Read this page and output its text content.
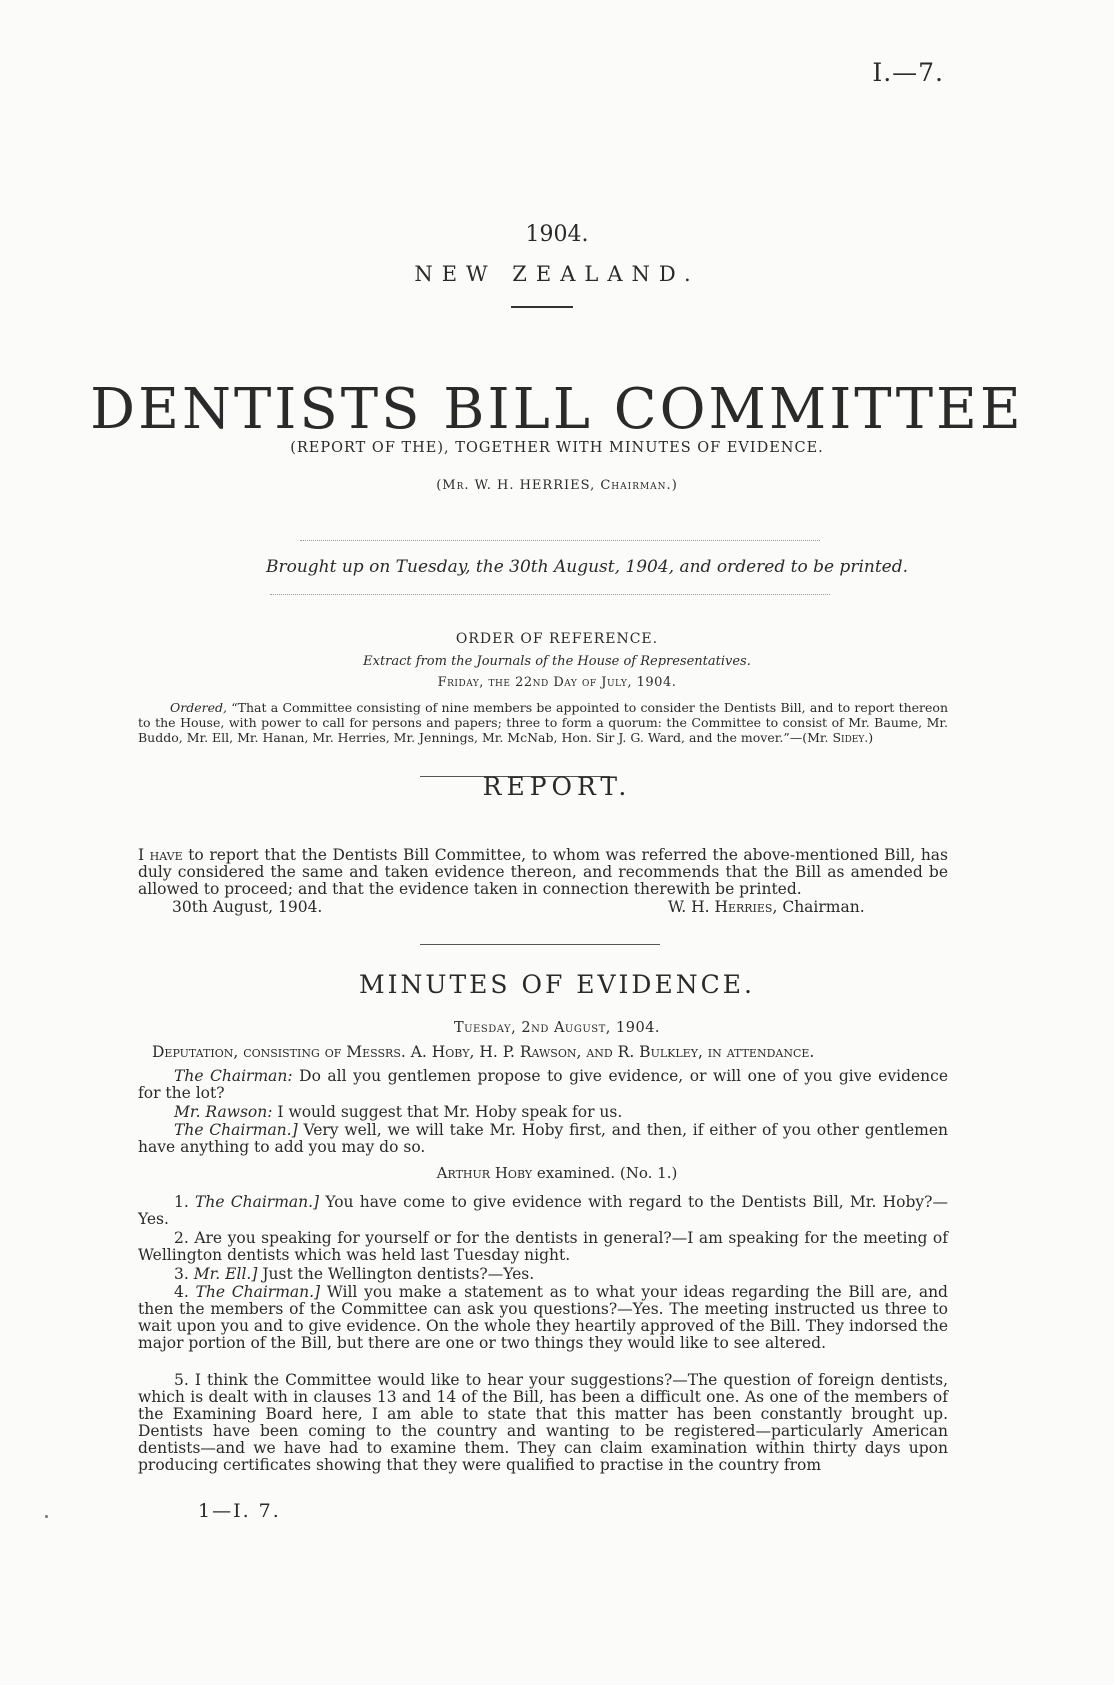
I.—7.
1904.
NEW ZEALAND.
DENTISTS BILL COMMITTEE
(REPORT OF THE), TOGETHER WITH MINUTES OF EVIDENCE.
(Mr. W. H. HERRIES, Chairman.)
Brought up on Tuesday, the 30th August, 1904, and ordered to be printed.
ORDER OF REFERENCE.
Extract from the Journals of the House of Representatives.
Friday, the 22nd Day of July, 1904.
Ordered, “That a Committee consisting of nine members be appointed to consider the Dentists Bill, and to report thereon to the House, with power to call for persons and papers; three to form a quorum: the Committee to consist of Mr. Baume, Mr. Buddo, Mr. Ell, Mr. Hanan, Mr. Herries, Mr. Jennings, Mr. McNab, Hon. Sir J. G. Ward, and the mover.”—(Mr. Sidey.)
REPORT.
I have to report that the Dentists Bill Committee, to whom was referred the above-mentioned Bill, has duly considered the same and taken evidence thereon, and recommends that the Bill as amended be allowed to proceed; and that the evidence taken in connection therewith be printed.
30th August, 1904.	W. H. Herries, Chairman.
MINUTES OF EVIDENCE.
Tuesday, 2nd August, 1904.
Deputation, consisting of Messrs. A. Hoby, H. P. Rawson, and R. Bulkley, in attendance.
The Chairman: Do all you gentlemen propose to give evidence, or will one of you give evidence for the lot?
Mr. Rawson: I would suggest that Mr. Hoby speak for us.
The Chairman.] Very well, we will take Mr. Hoby first, and then, if either of you other gentlemen have anything to add you may do so.
Arthur Hoby examined. (No. 1.)
1. The Chairman.] You have come to give evidence with regard to the Dentists Bill, Mr. Hoby?—Yes.
2. Are you speaking for yourself or for the dentists in general?—I am speaking for the meeting of Wellington dentists which was held last Tuesday night.
3. Mr. Ell.] Just the Wellington dentists?—Yes.
4. The Chairman.] Will you make a statement as to what your ideas regarding the Bill are, and then the members of the Committee can ask you questions?—Yes. The meeting instructed us three to wait upon you and to give evidence. On the whole they heartily approved of the Bill. They indorsed the major portion of the Bill, but there are one or two things they would like to see altered.
5. I think the Committee would like to hear your suggestions?—The question of foreign dentists, which is dealt with in clauses 13 and 14 of the Bill, has been a difficult one. As one of the members of the Examining Board here, I am able to state that this matter has been constantly brought up. Dentists have been coming to the country and wanting to be registered—particularly American dentists—and we have had to examine them. They can claim examination within thirty days upon producing certificates showing that they were qualified to practise in the country from
1—I. 7.
